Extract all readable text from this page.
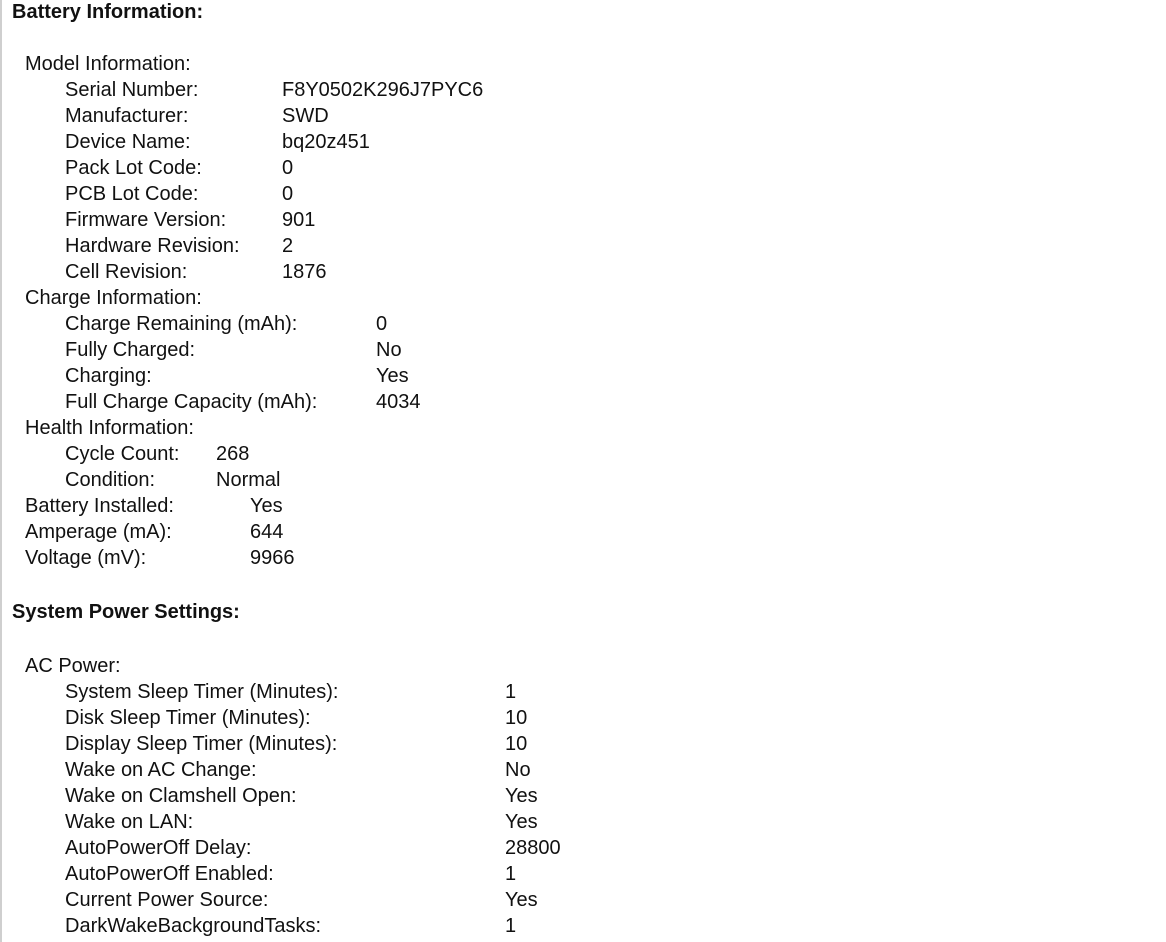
Battery Information:
Model Information:
Serial Number:	F8Y0502K296J7PYC6
Manufacturer:	SWD
Device Name:	bq20z451
Pack Lot Code:	0
PCB Lot Code:	0
Firmware Version:	901
Hardware Revision: 2
Cell Revision:	1876
Charge Information:
Charge Remaining (mAh):	0
Fully Charged:	No
Charging:	Yes
Full Charge Capacity (mAh):	4034
Health Information:
Cycle Count: 268
Condition:	Normal
Battery Installed:	Yes
Amperage (mA):	644
Voltage (mV):	9966
System Power Settings:
AC Power:
System Sleep Timer (Minutes):	1
Disk Sleep Timer (Minutes):	10
Display Sleep Timer (Minutes):	10
Wake on AC Change:	No
Wake on Clamshell Open:	Yes
Wake on LAN:	Yes
AutoPowerOff Delay:	28800
AutoPowerOff Enabled:	1
Current Power Source:	Yes
DarkWakeBackgroundTasks:	1
